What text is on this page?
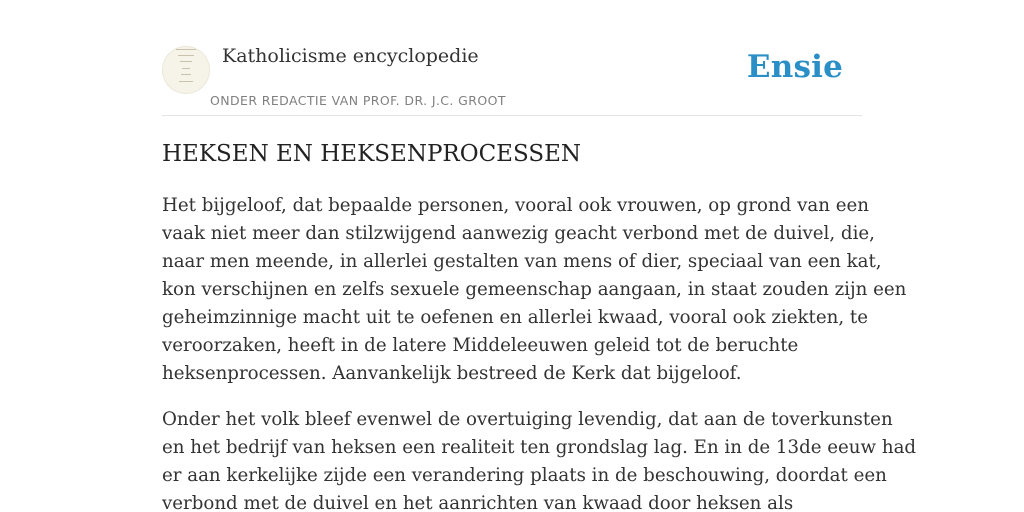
Katholicisme encyclopedie
ONDER REDACTIE VAN PROF. DR. J.C. GROOT
Ensie
HEKSEN EN HEKSENPROCESSEN

Het bijgeloof, dat bepaalde personen, vooral ook vrouwen, op grond van een
vaak niet meer dan stilzwijgend aanwezig geacht verbond met de duivel, die,
naar men meende, in allerlei gestalten van mens of dier, speciaal van een kat,
kon verschijnen en zelfs sexuele gemeenschap aangaan, in staat zouden zijn een
geheimzinnige macht uit te oefenen en allerlei kwaad, vooral ook ziekten, te
veroorzaken, heeft in de latere Middeleeuwen geleid tot de beruchte
heksenprocessen. Aanvankelijk bestreed de Kerk dat bijgeloof.

Onder het volk bleef evenwel de overtuiging levendig, dat aan de toverkunsten
en het bedrijf van heksen een realiteit ten grondslag lag. En in de 13de eeuw had
er aan kerkelijke zijde een verandering plaats in de beschouwing, doordat een
verbond met de duivel en het aanrichten van kwaad door heksen als
